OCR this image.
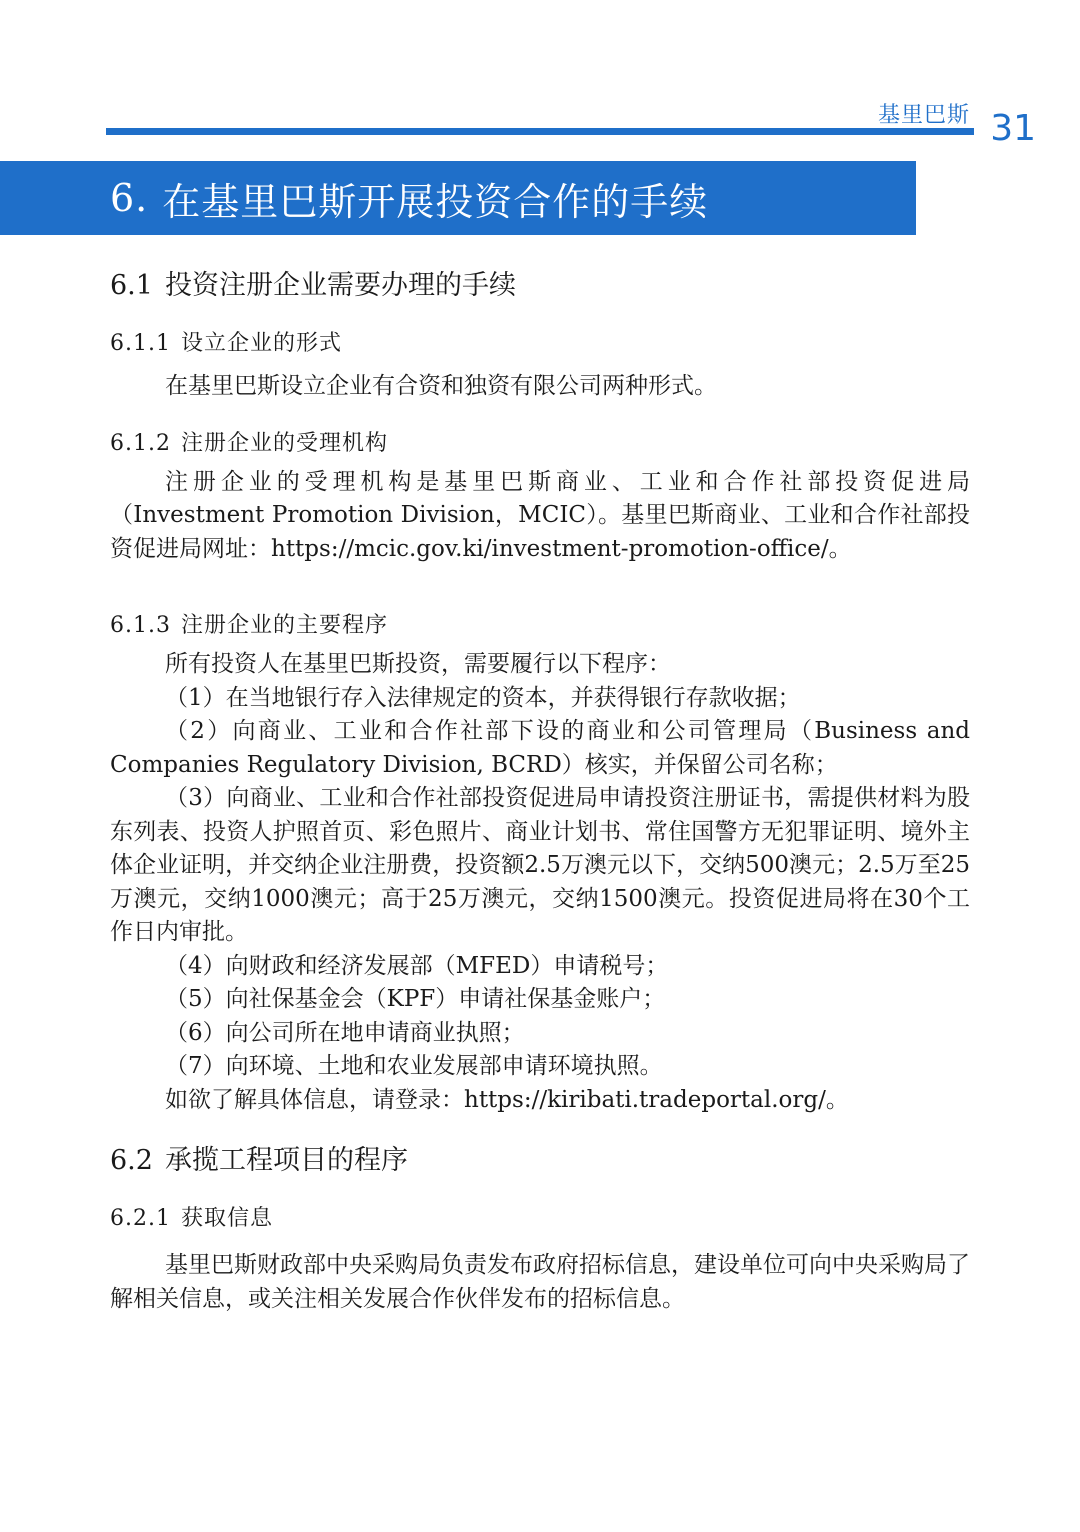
基里巴斯 31
6. 在基里巴斯开展投资合作的手续
6.1 投资注册企业需要办理的手续
6.1.1 设立企业的形式

在基里巴斯设立企业有合资和独资有限公司两种形式。

6.1.2 注册企业的受理机构

注册企业的受理机构是基里巴斯商业、工业和合作社部投资促进局（Investment Promotion Division，MCIC）。基里巴斯商业、工业和合作社部投资促进局网址：https://mcic.gov.ki/investment-promotion-office/。

6.1.3 注册企业的主要程序

所有投资人在基里巴斯投资，需要履行以下程序：

（1）在当地银行存入法律规定的资本，并获得银行存款收据；

（2）向商业、工业和合作社部下设的商业和公司管理局（Business and Companies Regulatory Division, BCRD）核实，并保留公司名称；

（3）向商业、工业和合作社部投资促进局申请投资注册证书，需提供材料为股东列表、投资人护照首页、彩色照片、商业计划书、常住国警方无犯罪证明、境外主体企业证明，并交纳企业注册费，投资额2.5万澳元以下，交纳500澳元；2.5万至25万澳元，交纳1000澳元；高于25万澳元，交纳1500澳元。投资促进局将在30个工作日内审批。

（4）向财政和经济发展部（MFED）申请税号；

（5）向社保基金会（KPF）申请社保基金账户；

（6）向公司所在地申请商业执照；

（7）向环境、土地和农业发展部申请环境执照。

如欲了解具体信息，请登录：https://kiribati.tradeportal.org/。

6.2 承揽工程项目的程序
6.2.1 获取信息

基里巴斯财政部中央采购局负责发布政府招标信息，建设单位可向中央采购局了解相关信息，或关注相关发展合作伙伴发布的招标信息。
